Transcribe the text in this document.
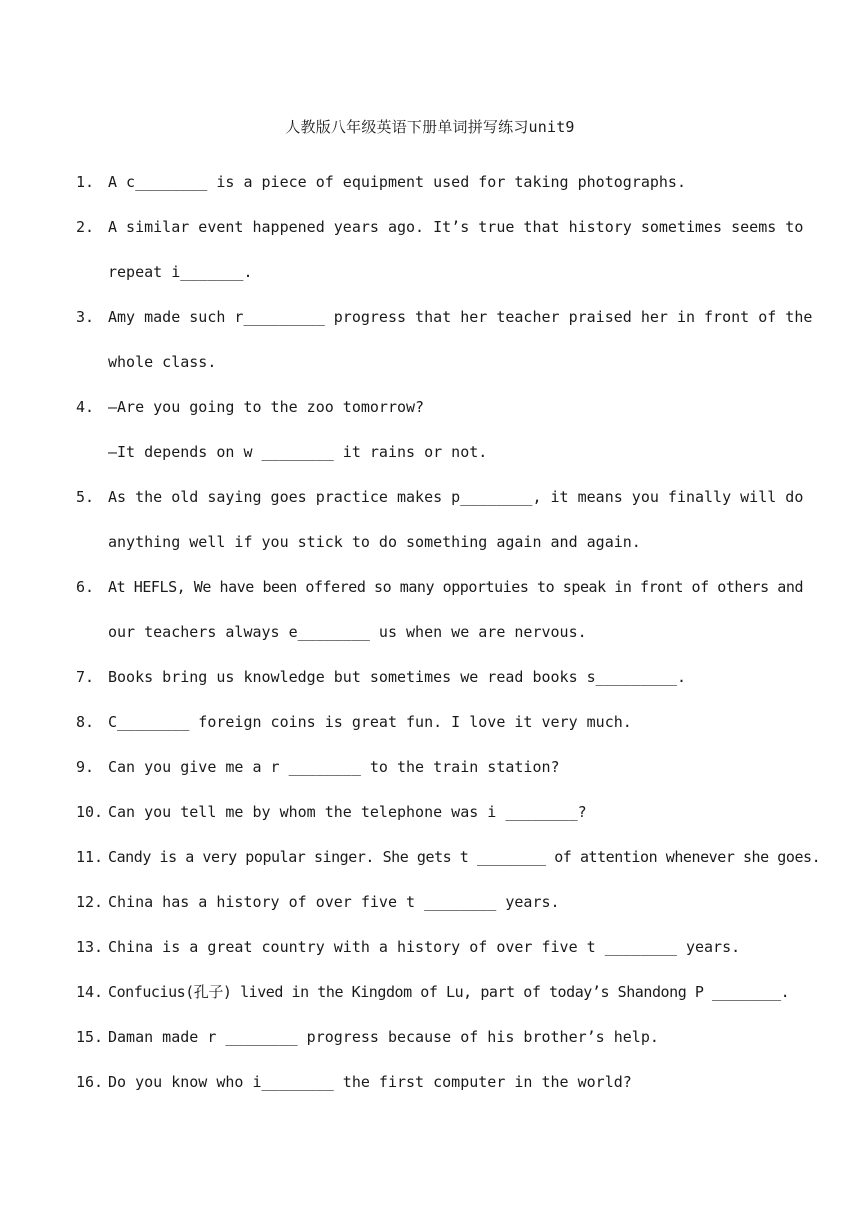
人教版八年级英语下册单词拼写练习unit9
1. A c________ is a piece of equipment used for taking photographs.
2. A similar event happened years ago. It’s true that history sometimes seems to
repeat i_______.
3. Amy made such r_________ progress that her teacher praised her in front of the
whole class.
4. —Are you going to the zoo tomorrow?
—It depends on w ________ it rains or not.
5. As the old saying goes practice makes p________, it means you finally will do
anything well if you stick to do something again and again.
6. At HEFLS, We have been offered so many opportuies to speak in front of others and
our teachers always e________ us when we are nervous.
7. Books bring us knowledge but sometimes we read books s_________.
8. C________ foreign coins is great fun. I love it very much.
9. Can you give me a r ________ to the train station?
10. Can you tell me by whom the telephone was i ________?
11. Candy is a very popular singer. She gets t ________ of attention whenever she goes.
12. China has a history of over five t ________ years.
13. China is a great country with a history of over five t ________ years.
14. Confucius(孔子) lived in the Kingdom of Lu, part of today’s Shandong P ________.
15. Daman made r ________ progress because of his brother’s help.
16. Do you know who i________ the first computer in the world?
